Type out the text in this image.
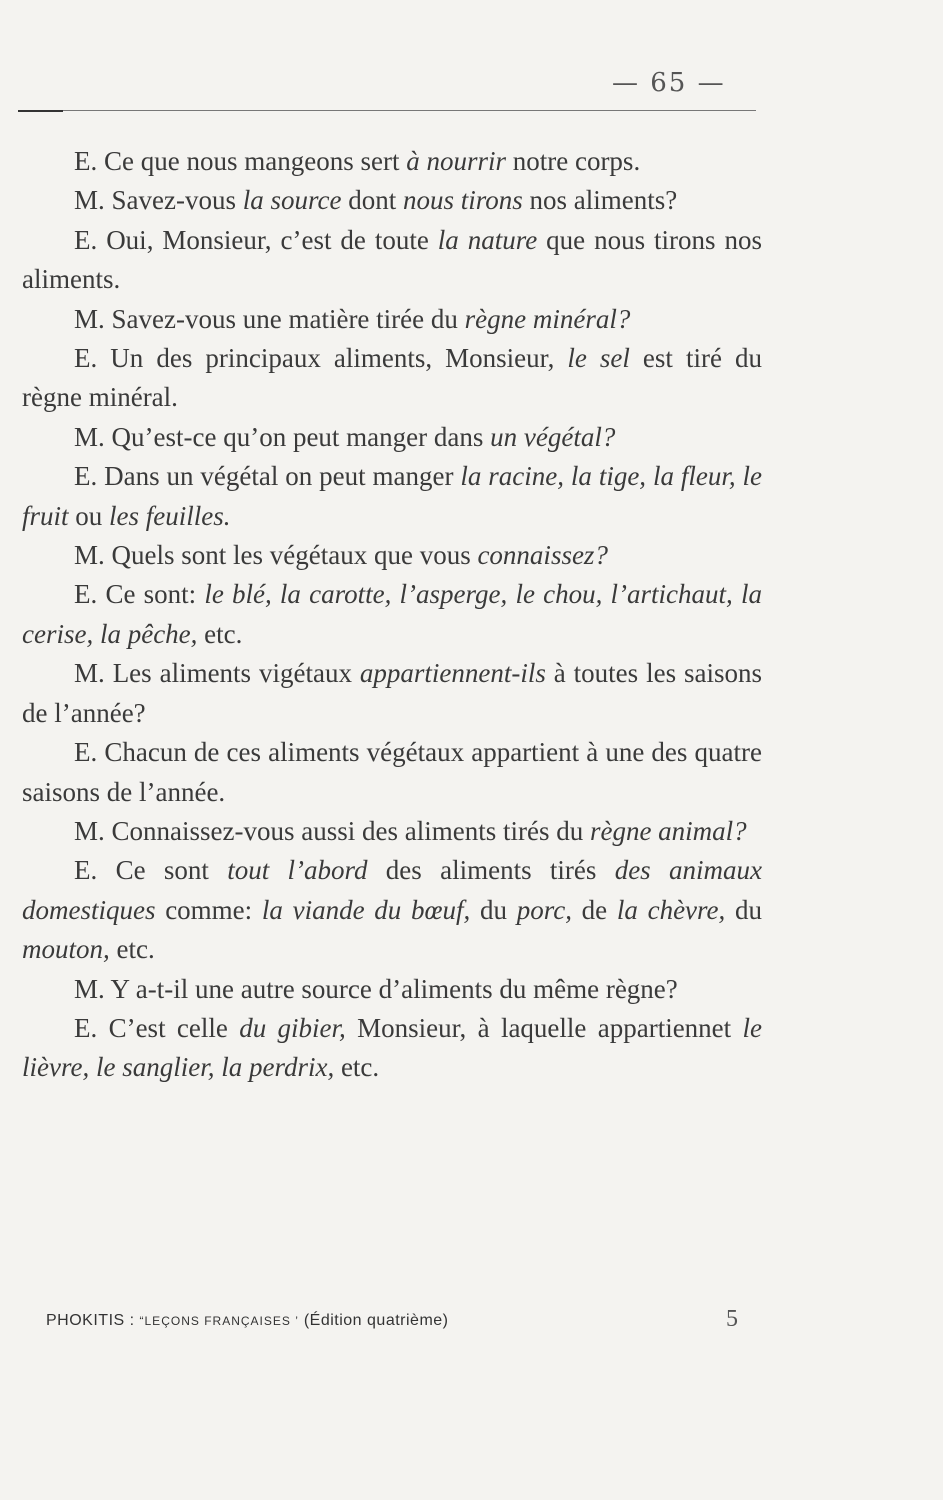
— 65 —

E. Ce que nous mangeons sert à nourrir notre corps.

M. Savez-vous la source dont nous tirons nos aliments?

E. Oui, Monsieur, c’est de toute la nature que nous tirons nos aliments.

M. Savez-vous une matière tirée du règne minéral?

E. Un des principaux aliments, Monsieur, le sel est tiré du règne minéral.

M. Qu’est-ce qu’on peut manger dans un végétal?

E. Dans un végétal on peut manger la racine, la tige, la fleur, le fruit ou les feuilles.

M. Quels sont les végétaux que vous connaissez?

E. Ce sont: le blé, la carotte, l’asperge, le chou, l’artichaut, la cerise, la pêche, etc.

M. Les aliments vigétaux appartiennent-ils à toutes les saisons de l’année?

E. Chacun de ces aliments végétaux appartient à une des quatre saisons de l’année.

M. Connaissez-vous aussi des aliments tirés du règne animal?

E. Ce sont tout l’abord des aliments tirés des animaux domestiques comme: la viande du bœuf, du porc, de la chèvre, du mouton, etc.

M. Y a-t-il une autre source d’aliments du même règne?

E. C’est celle du gibier, Monsieur, à laquelle appartiennet le lièvre, le sanglier, la perdrix, etc.

PHOKITIS : “LEÇONS FRANÇAISES ’ (Édition quatrième)	5
